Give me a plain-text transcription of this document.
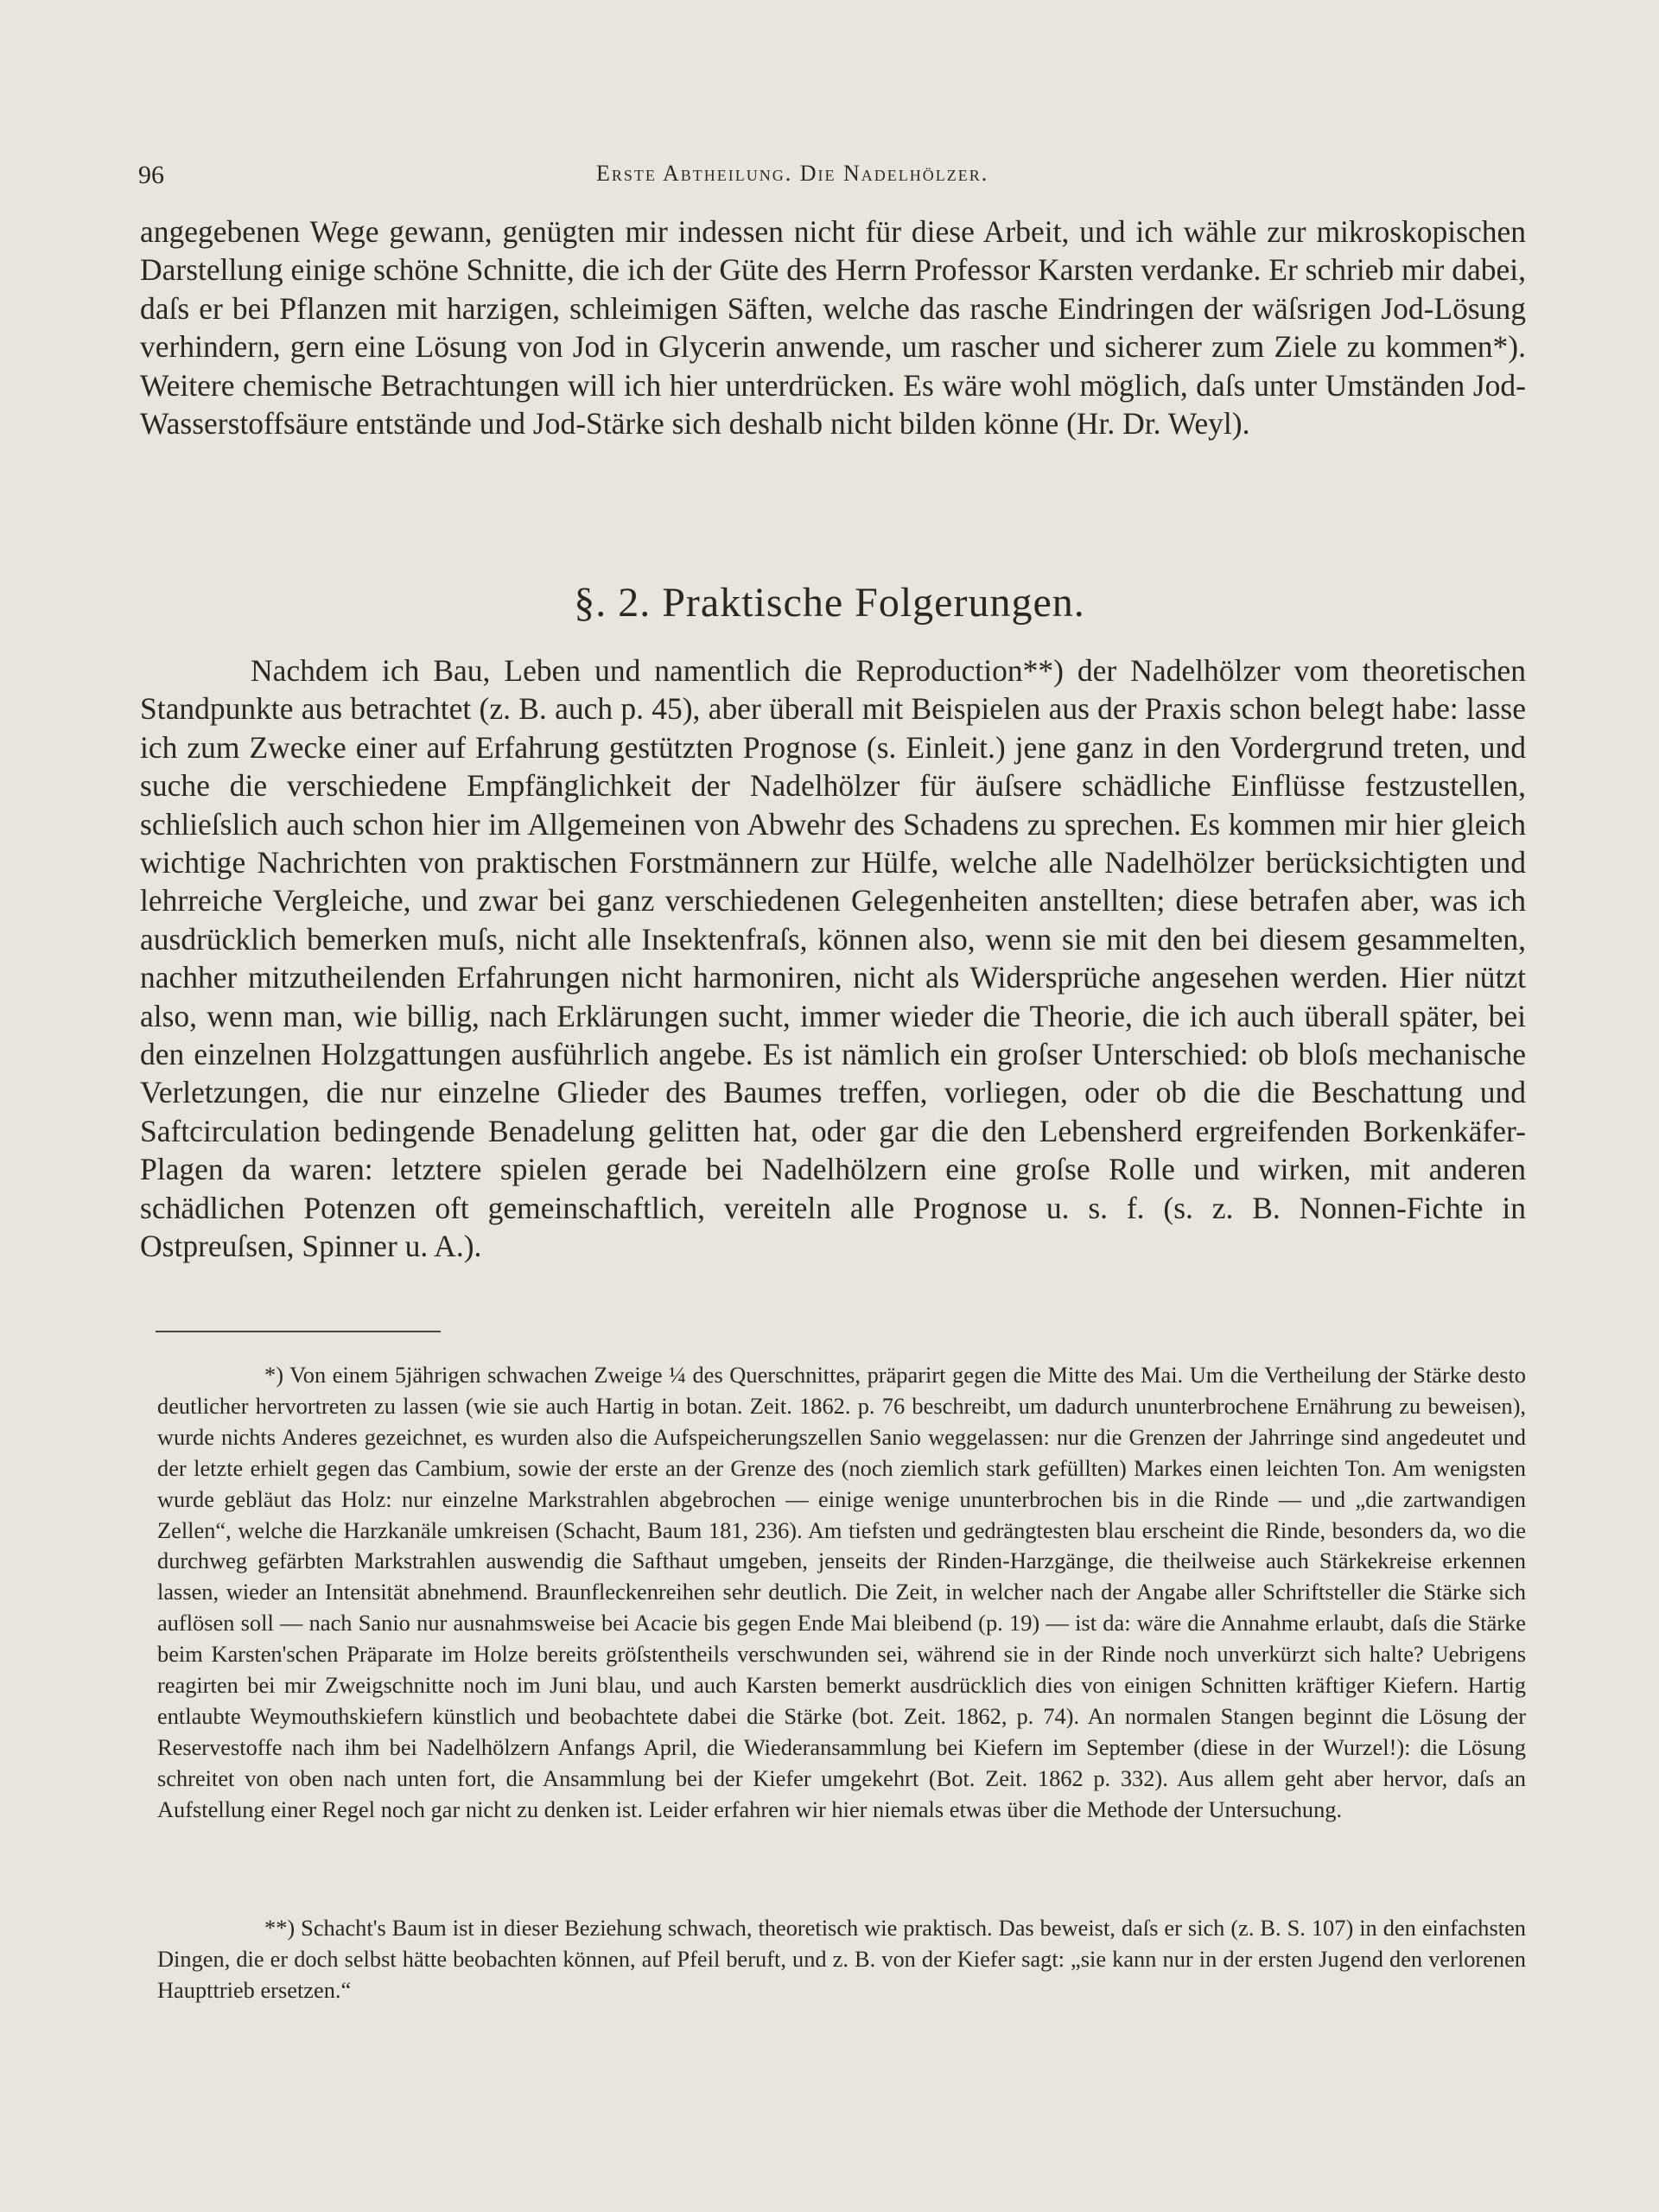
96	Erste Abtheilung. Die Nadelhölzer.

angegebenen Wege gewann, genügten mir indessen nicht für diese Arbeit, und ich wähle zur mikroskopischen Darstellung einige schöne Schnitte, die ich der Güte des Herrn Professor Karsten verdanke. Er schrieb mir dabei, daſs er bei Pflanzen mit harzigen, schleimigen Säften, welche das rasche Eindringen der wäſsrigen Jod-Lösung verhindern, gern eine Lösung von Jod in Glycerin anwende, um rascher und sicherer zum Ziele zu kommen*). Weitere chemische Betrachtungen will ich hier unterdrücken. Es wäre wohl möglich, daſs unter Umständen Jod-Wasserstoffsäure entstände und Jod-Stärke sich deshalb nicht bilden könne (Hr. Dr. Weyl).

§. 2. Praktische Folgerungen.

Nachdem ich Bau, Leben und namentlich die Reproduction**) der Nadelhölzer vom theoretischen Standpunkte aus betrachtet (z. B. auch p. 45), aber überall mit Beispielen aus der Praxis schon belegt habe: lasse ich zum Zwecke einer auf Erfahrung gestützten Prognose (s. Einleit.) jene ganz in den Vordergrund treten, und suche die verschiedene Empfänglichkeit der Nadelhölzer für äuſsere schädliche Einflüsse festzustellen, schlieſslich auch schon hier im Allgemeinen von Abwehr des Schadens zu sprechen. Es kommen mir hier gleich wichtige Nachrichten von praktischen Forstmännern zur Hülfe, welche alle Nadelhölzer berücksichtigten und lehrreiche Vergleiche, und zwar bei ganz verschiedenen Gelegenheiten anstellten; diese betrafen aber, was ich ausdrücklich bemerken muſs, nicht alle Insektenfraſs, können also, wenn sie mit den bei diesem gesammelten, nachher mitzutheilenden Erfahrungen nicht harmoniren, nicht als Widersprüche angesehen werden. Hier nützt also, wenn man, wie billig, nach Erklärungen sucht, immer wieder die Theorie, die ich auch überall später, bei den einzelnen Holzgattungen ausführlich angebe. Es ist nämlich ein groſser Unterschied: ob bloſs mechanische Verletzungen, die nur einzelne Glieder des Baumes treffen, vorliegen, oder ob die die Beschattung und Saftcirculation bedingende Benadelung gelitten hat, oder gar die den Lebensherd ergreifenden Borkenkäfer-Plagen da waren: letztere spielen gerade bei Nadelhölzern eine groſse Rolle und wirken, mit anderen schädlichen Potenzen oft gemeinschaftlich, vereiteln alle Prognose u. s. f. (s. z. B. Nonnen-Fichte in Ostpreuſsen, Spinner u. A.).

*) Von einem 5jährigen schwachen Zweige ¼ des Querschnittes, präparirt gegen die Mitte des Mai. Um die Vertheilung der Stärke desto deutlicher hervortreten zu lassen (wie sie auch Hartig in botan. Zeit. 1862. p. 76 beschreibt, um dadurch ununterbrochene Ernährung zu beweisen), wurde nichts Anderes gezeichnet, es wurden also die Aufspeicherungszellen Sanio weggelassen: nur die Grenzen der Jahrringe sind angedeutet und der letzte erhielt gegen das Cambium, sowie der erste an der Grenze des (noch ziemlich stark gefüllten) Markes einen leichten Ton. Am wenigsten wurde gebläut das Holz: nur einzelne Markstrahlen abgebrochen — einige wenige ununterbrochen bis in die Rinde — und „die zartwandigen Zellen“, welche die Harzkanäle umkreisen (Schacht, Baum 181, 236). Am tiefsten und gedrängtesten blau erscheint die Rinde, besonders da, wo die durchweg gefärbten Markstrahlen auswendig die Safthaut umgeben, jenseits der Rinden-Harzgänge, die theilweise auch Stärkekreise erkennen lassen, wieder an Intensität abnehmend. Braunfleckenreihen sehr deutlich. Die Zeit, in welcher nach der Angabe aller Schriftsteller die Stärke sich auflösen soll — nach Sanio nur ausnahmsweise bei Acacie bis gegen Ende Mai bleibend (p. 19) — ist da: wäre die Annahme erlaubt, daſs die Stärke beim Karsten'schen Präparate im Holze bereits gröſstentheils verschwunden sei, während sie in der Rinde noch unverkürzt sich halte? Uebrigens reagirten bei mir Zweigschnitte noch im Juni blau, und auch Karsten bemerkt ausdrücklich dies von einigen Schnitten kräftiger Kiefern. Hartig entlaubte Weymouthskiefern künstlich und beobachtete dabei die Stärke (bot. Zeit. 1862, p. 74). An normalen Stangen beginnt die Lösung der Reservestoffe nach ihm bei Nadelhölzern Anfangs April, die Wiederansammlung bei Kiefern im September (diese in der Wurzel!): die Lösung schreitet von oben nach unten fort, die Ansammlung bei der Kiefer umgekehrt (Bot. Zeit. 1862 p. 332). Aus allem geht aber hervor, daſs an Aufstellung einer Regel noch gar nicht zu denken ist. Leider erfahren wir hier niemals etwas über die Methode der Untersuchung.

**) Schacht's Baum ist in dieser Beziehung schwach, theoretisch wie praktisch. Das beweist, daſs er sich (z. B. S. 107) in den einfachsten Dingen, die er doch selbst hätte beobachten können, auf Pfeil beruft, und z. B. von der Kiefer sagt: „sie kann nur in der ersten Jugend den verlorenen Haupttrieb ersetzen.“
